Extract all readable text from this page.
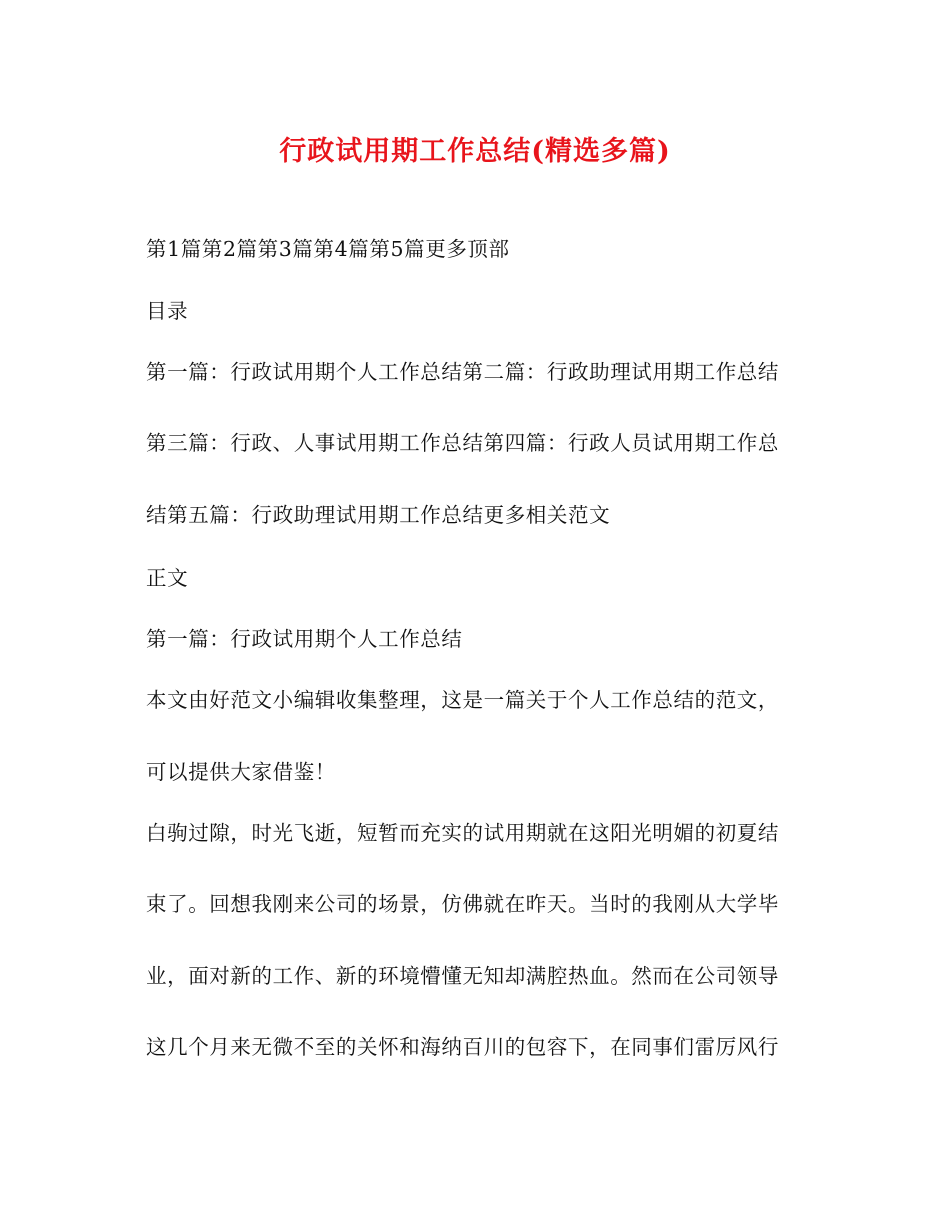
行政试用期工作总结(精选多篇)
第1篇第2篇第3篇第4篇第5篇更多顶部
目录
第一篇：行政试用期个人工作总结第二篇：行政助理试用期工作总结
第三篇：行政、人事试用期工作总结第四篇：行政人员试用期工作总
结第五篇：行政助理试用期工作总结更多相关范文
正文
第一篇：行政试用期个人工作总结
本文由好范文小编辑收集整理，这是一篇关于个人工作总结的范文，
可以提供大家借鉴！
白驹过隙，时光飞逝，短暂而充实的试用期就在这阳光明媚的初夏结
束了。回想我刚来公司的场景，仿佛就在昨天。当时的我刚从大学毕
业，面对新的工作、新的环境懵懂无知却满腔热血。然而在公司领导
这几个月来无微不至的关怀和海纳百川的包容下，在同事们雷厉风行
